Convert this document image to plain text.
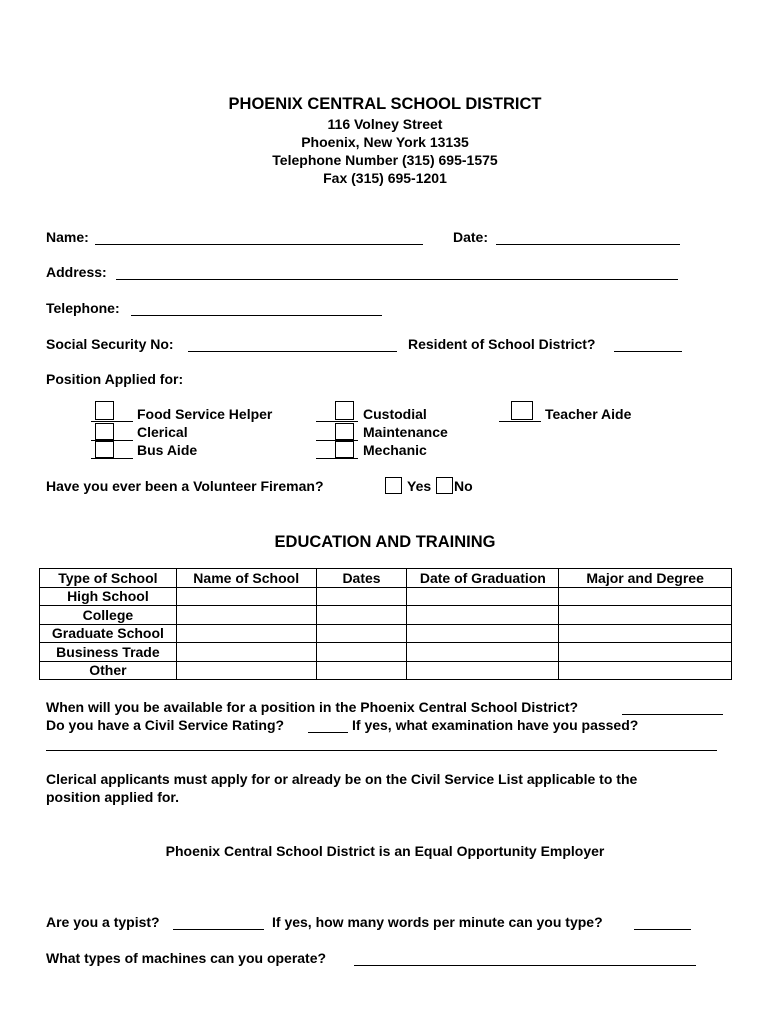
PHOENIX CENTRAL SCHOOL DISTRICT
116 Volney Street
Phoenix, New York 13135
Telephone Number (315) 695-1575
Fax (315) 695-1201
Name:	Date:
Address:
Telephone:
Social Security No:	Resident of School District?
Position Applied for:
Food Service Helper
Clerical
Bus Aide
Custodial
Maintenance
Mechanic
Teacher Aide
Have you ever been a Volunteer Fireman?	Yes No
EDUCATION AND TRAINING
Type of School	Name of School	Dates	Date of Graduation	Major and Degree
High School				
College				
Graduate School				
Business Trade				
Other				
When will you be available for a position in the Phoenix Central School District?
Do you have a Civil Service Rating?	If yes, what examination have you passed?
Clerical applicants must apply for or already be on the Civil Service List applicable to the
position applied for.
Phoenix Central School District is an Equal Opportunity Employer
Are you a typist?	If yes, how many words per minute can you type?
What types of machines can you operate?
